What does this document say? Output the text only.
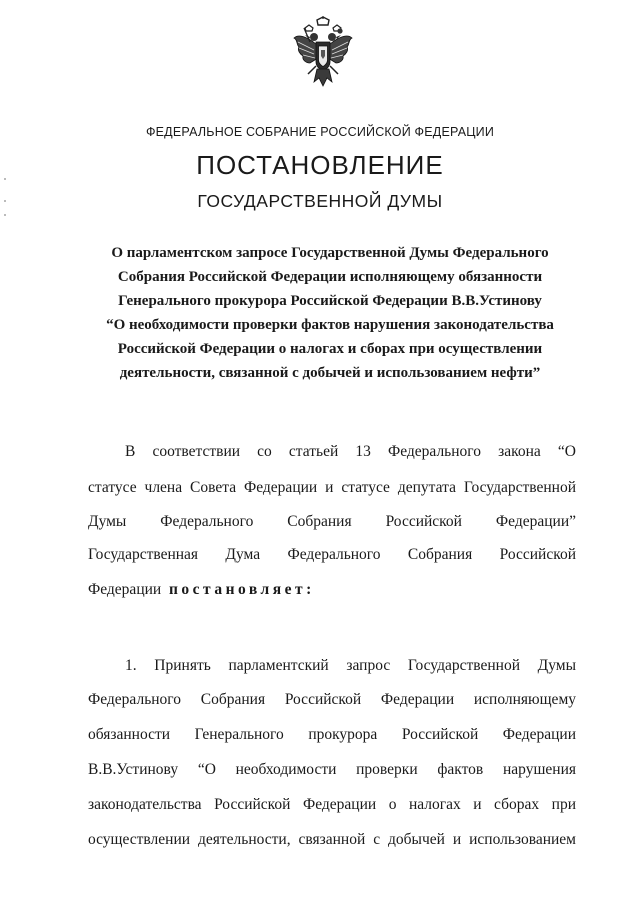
ФЕДЕРАЛЬНОЕ СОБРАНИЕ РОССИЙСКОЙ ФЕДЕРАЦИИ
ПОСТАНОВЛЕНИЕ
ГОСУДАРСТВЕННОЙ ДУМЫ
О парламентском запросе Государственной Думы Федерального
Собрания Российской Федерации исполняющему обязанности
Генерального прокурора Российской Федерации В.В.Устинову
“О необходимости проверки фактов нарушения законодательства
Российской Федерации о налогах и сборах при осуществлении
деятельности, связанной с добычей и использованием нефти”
В соответствии со статьей 13 Федерального закона “О
статусе члена Совета Федерации и статусе депутата Государственной
Думы Федерального Собрания Российской Федерации”
Государственная Дума Федерального Собрания Российской
Федерации постановляет:
1. Принять парламентский запрос Государственной Думы
Федерального Собрания Российской Федерации исполняющему
обязанности Генерального прокурора Российской Федерации
В.В.Устинову “О необходимости проверки фактов нарушения
законодательства Российской Федерации о налогах и сборах при
осуществлении деятельности, связанной с добычей и использованием
